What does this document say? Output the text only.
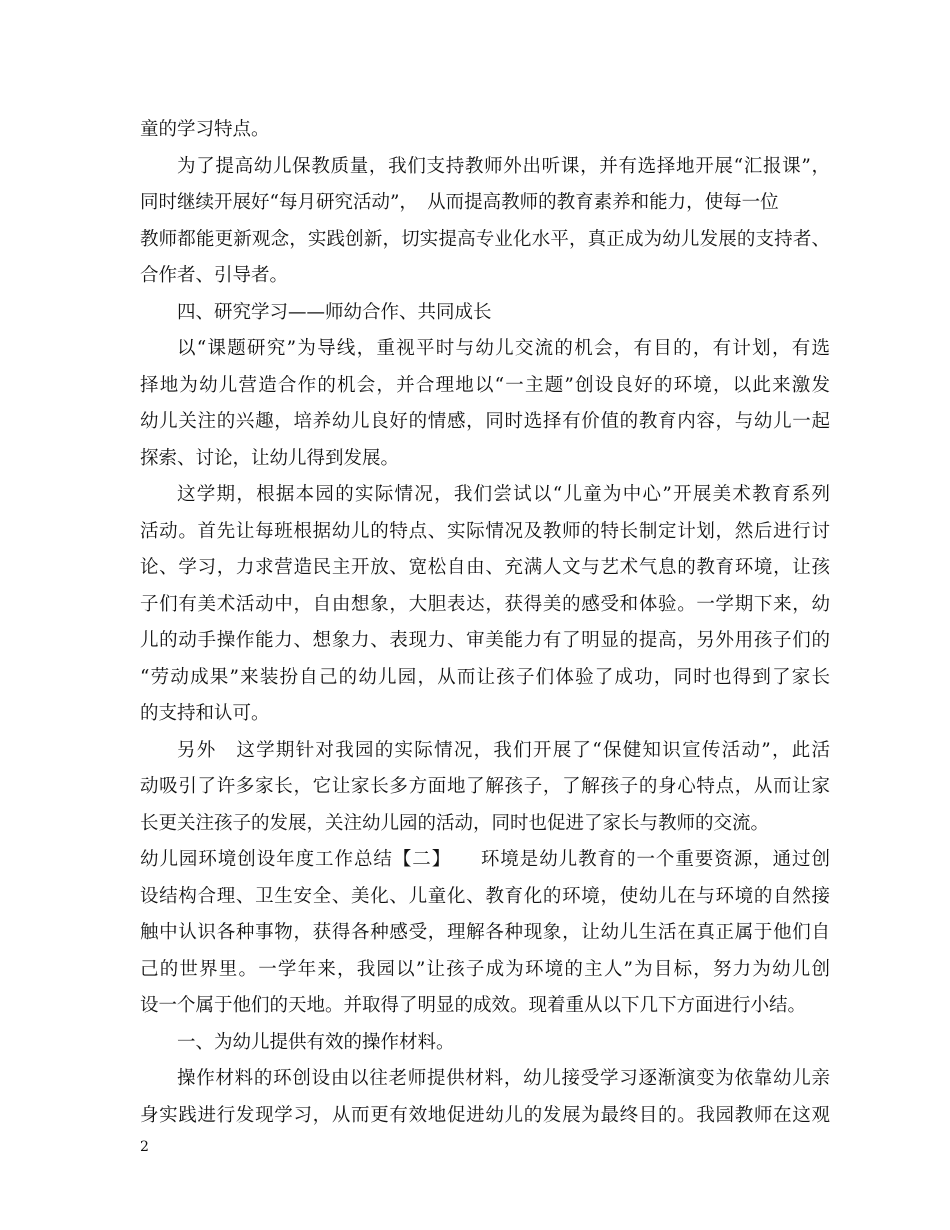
童的学习特点。
为了提高幼儿保教质量，我们支持教师外出听课，并有选择地开展“汇报课”，
同时继续开展好“每月研究活动”，　从而提高教师的教育素养和能力，使每一位
教师都能更新观念，实践创新，切实提高专业化水平，真正成为幼儿发展的支持者、
合作者、引导者。
四、研究学习——师幼合作、共同成长
以“课题研究”为导线，重视平时与幼儿交流的机会，有目的，有计划，有选
择地为幼儿营造合作的机会，并合理地以“一主题”创设良好的环境，以此来激发
幼儿关注的兴趣，培养幼儿良好的情感，同时选择有价值的教育内容，与幼儿一起
探索、讨论，让幼儿得到发展。
这学期，根据本园的实际情况，我们尝试以“儿童为中心”开展美术教育系列
活动。首先让每班根据幼儿的特点、实际情况及教师的特长制定计划，然后进行讨
论、学习，力求营造民主开放、宽松自由、充满人文与艺术气息的教育环境，让孩
子们有美术活动中，自由想象，大胆表达，获得美的感受和体验。一学期下来，幼
儿的动手操作能力、想象力、表现力、审美能力有了明显的提高，另外用孩子们的
“劳动成果”来装扮自己的幼儿园，从而让孩子们体验了成功，同时也得到了家长
的支持和认可。
另外　这学期针对我园的实际情况，我们开展了“保健知识宣传活动”，此活
动吸引了许多家长，它让家长多方面地了解孩子，了解孩子的身心特点，从而让家
长更关注孩子的发展，关注幼儿园的活动，同时也促进了家长与教师的交流。
幼儿园环境创设年度工作总结【二】　　环境是幼儿教育的一个重要资源，通过创
设结构合理、卫生安全、美化、儿童化、教育化的环境，使幼儿在与环境的自然接
触中认识各种事物，获得各种感受，理解各种现象，让幼儿生活在真正属于他们自
己的世界里。一学年来，我园以”让孩子成为环境的主人”为目标，努力为幼儿创
设一个属于他们的天地。并取得了明显的成效。现着重从以下几下方面进行小结。
一、为幼儿提供有效的操作材料。
操作材料的环创设由以往老师提供材料，幼儿接受学习逐渐演变为依靠幼儿亲
身实践进行发现学习，从而更有效地促进幼儿的发展为最终目的。我园教师在这观
2
